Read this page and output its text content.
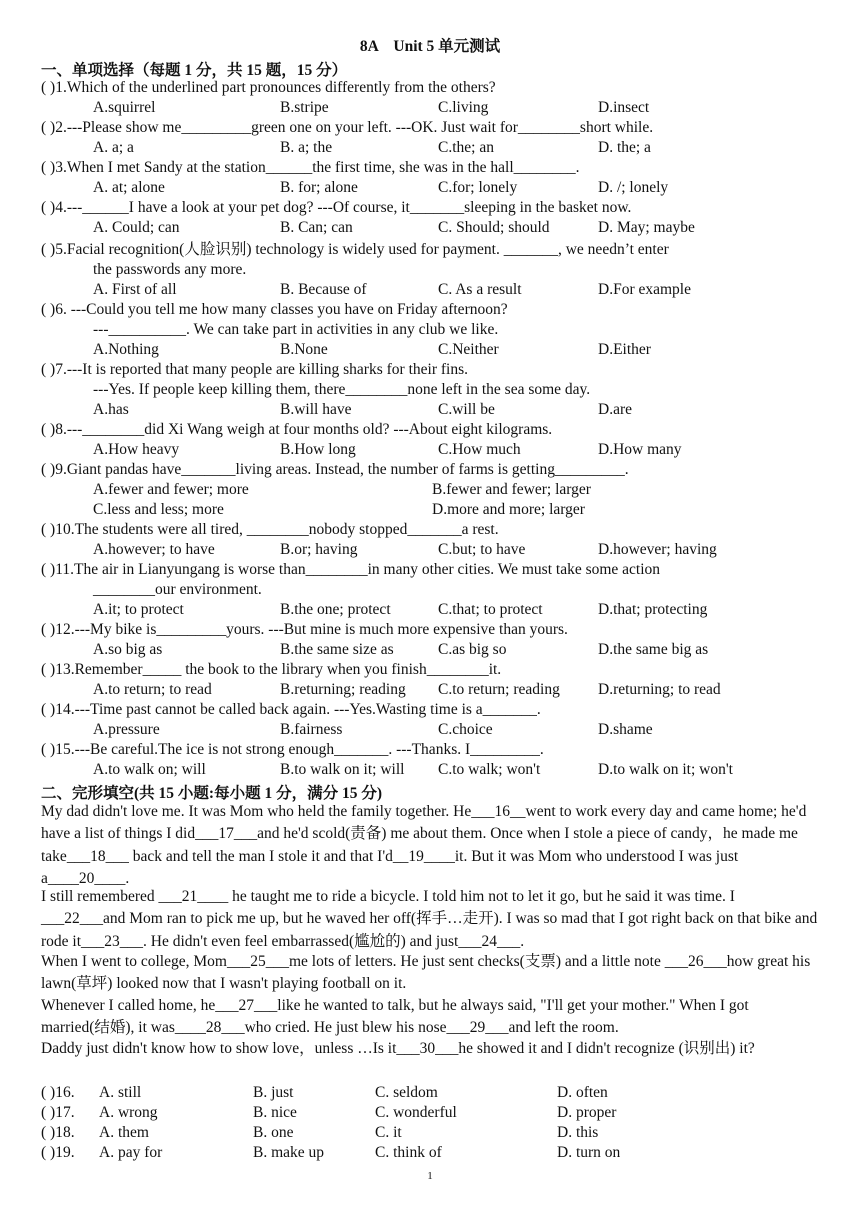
8A　Unit 5 单元测试
一、单项选择（每题 1 分，共 15 题，15 分）
( )1.Which of the underlined part pronounces differently from the others?
A.squirrel	B.stripe	C.living	D.insect
( )2.---Please show me_________green one on your left. ---OK. Just wait for________short while.
A. a; a	B. a; the	C.the; an	D. the; a
( )3.When I met Sandy at the station______the first time, she was in the hall________.
A. at; alone	B. for; alone	C.for; lonely	D. /; lonely
( )4.---______I have a look at your pet dog? ---Of course, it_______sleeping in the basket now.
A. Could; can	B. Can; can	C. Should; should	D. May; maybe
( )5.Facial recognition(人脸识别) technology is widely used for payment. _______, we needn’t enter
the passwords any more.
A. First of all	B. Because of	C. As a result	D.For example
( )6. ---Could you tell me how many classes you have on Friday afternoon?
---__________. We can take part in activities in any club we like.
A.Nothing	B.None	C.Neither	D.Either
( )7.---It is reported that many people are killing sharks for their fins.
---Yes. If people keep killing them, there________none left in the sea some day.
A.has	B.will have	C.will be	D.are
( )8.---________did Xi Wang weigh at four months old? ---About eight kilograms.
A.How heavy	B.How long	C.How much	D.How many
( )9.Giant pandas have_______living areas. Instead, the number of farms is getting_________.
A.fewer and fewer; more	B.fewer and fewer; larger
C.less and less; more	D.more and more; larger
( )10.The students were all tired, ________nobody stopped_______a rest.
A.however; to have	B.or; having	C.but; to have	D.however; having
( )11.The air in Lianyungang is worse than________in many other cities. We must take some action
________our environment.
A.it; to protect	B.the one; protect	C.that; to protect	D.that; protecting
( )12.---My bike is_________yours. ---But mine is much more expensive than yours.
A.so big as	B.the same size as	C.as big so	D.the same big as
( )13.Remember_____ the book to the library when you finish________it.
A.to return; to read	B.returning; reading C.to return; reading D.returning; to read
( )14.---Time past cannot be called back again. ---Yes.Wasting time is a_______.
A.pressure	B.fairness	C.choice	D.shame
( )15.---Be careful.The ice is not strong enough_______. ---Thanks. I_________.
A.to walk on; will	B.to walk on it; will C.to walk; won't	D.to walk on it; won't
二、完形填空(共 15 小题:每小题 1 分，满分 15 分)
My dad didn't love me. It was Mom who held the family together. He___16__went to work every day and came home; he'd have a list of things I did___17___and he'd scold(责备) me about them. Once when I stole a piece of candy，he made me take___18___ back and tell the man I stole it and that I'd__19____it. But it was Mom who understood I was just a____20____.
I still remembered ___21____ he taught me to ride a bicycle. I told him not to let it go, but he said it was time. I ___22___and Mom ran to pick me up, but he waved her off(挥手…走开). I was so mad that I got right back on that bike and rode it___23___. He didn't even feel embarrassed(尴尬的) and just___24___.
When I went to college, Mom___25___me lots of letters. He just sent checks(支票) and a little note ___26___how great his lawn(草坪) looked now that I wasn't playing football on it.
Whenever I called home, he___27___like he wanted to talk, but he always said, "I'll get your mother." When I got married(结婚), it was____28___who cried. He just blew his nose___29___and left the room.
Daddy just didn't know how to show love，unless …Is it___30___he showed it and I didn't recognize (识别出) it?
( )16. A. still	B. just	C. seldom	D. often
( )17. A. wrong	B. nice	C. wonderful	D. proper
( )18. A. them	B. one	C. it	D. this
( )19. A. pay for	B. make up	C. think of	D. turn on
1
